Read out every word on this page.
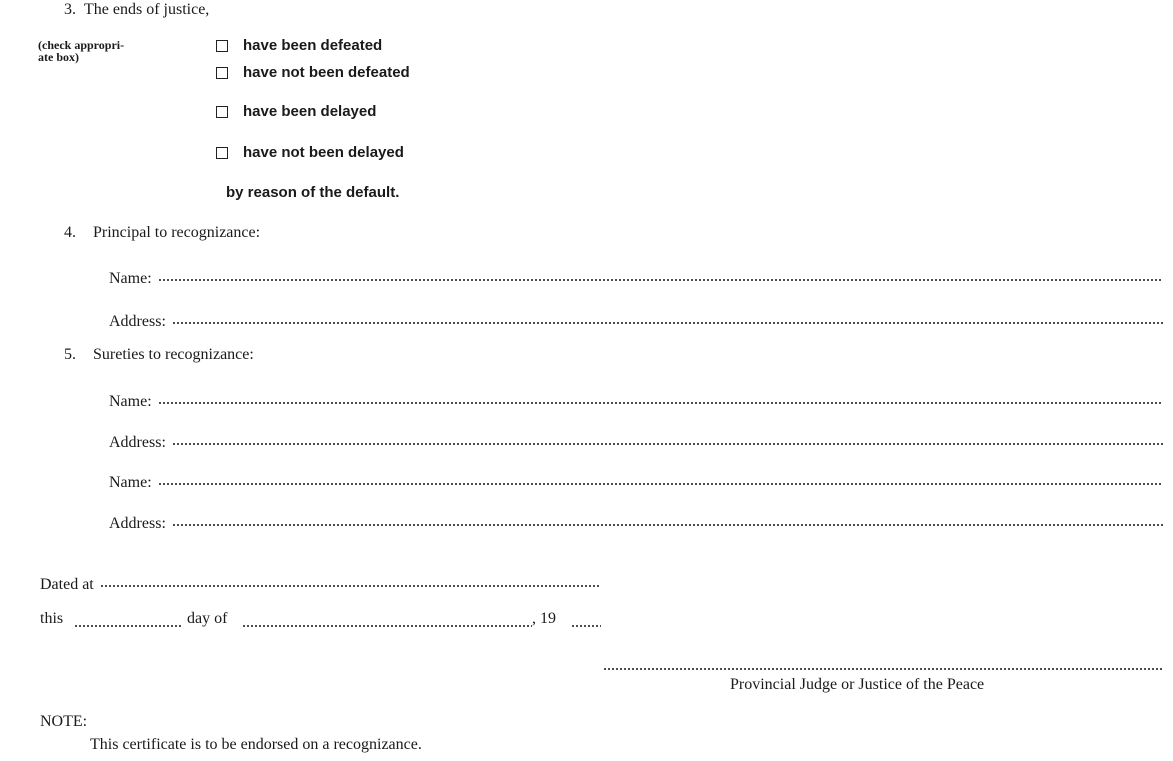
3. The ends of justice,
(check appropri- ate box)
have been defeated
have not been defeated
have been delayed
have not been delayed
by reason of the default.
4. Principal to recognizance:
Name:
Address:
5. Sureties to recognizance:
Name:
Address:
Name:
Address:
Dated at
this	day of	, 19
Provincial Judge or Justice of the Peace
NOTE:
This certificate is to be endorsed on a recognizance.
